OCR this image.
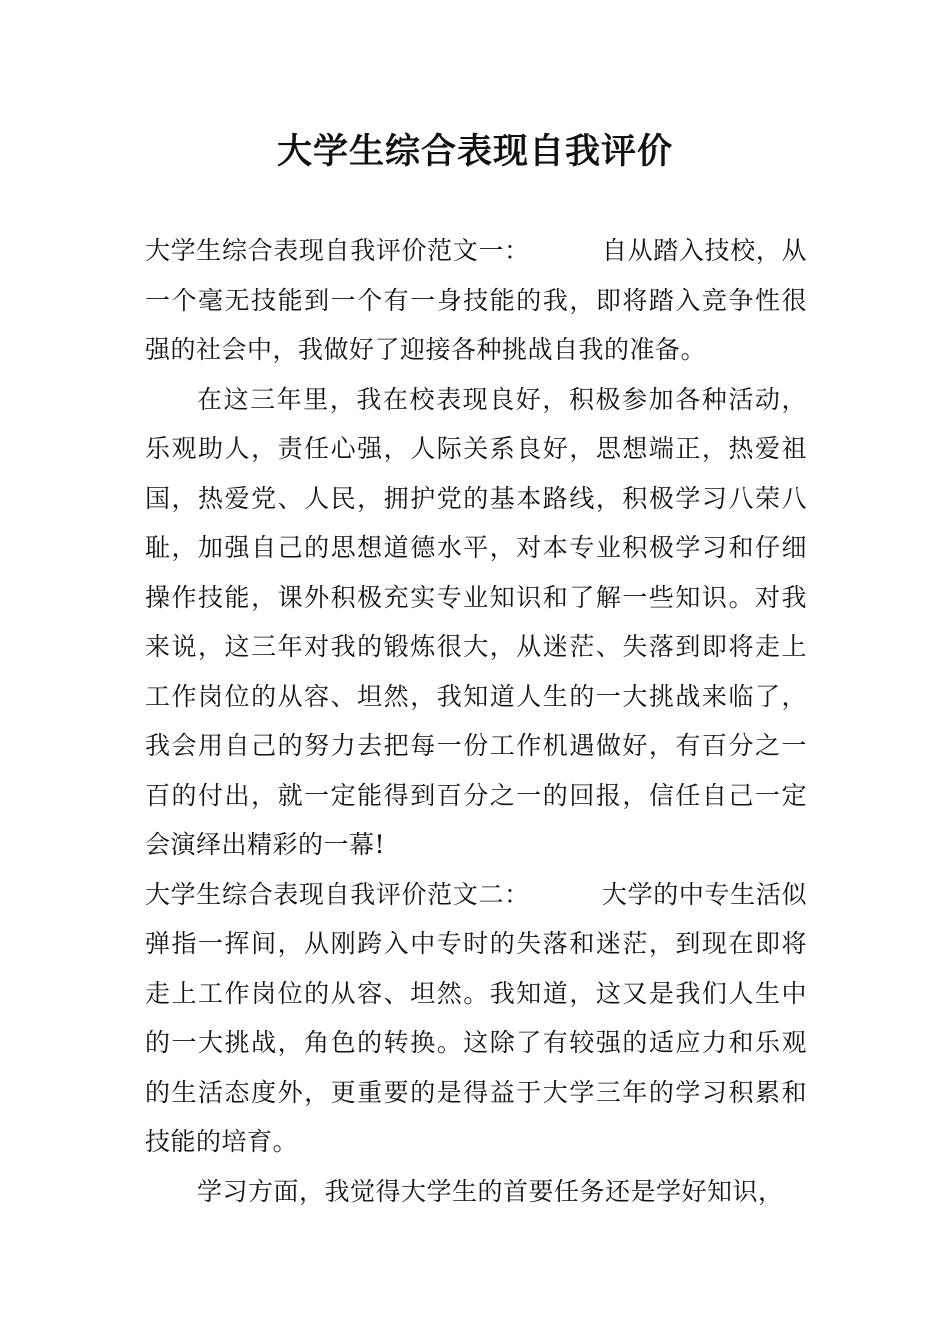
大学生综合表现自我评价

大学生综合表现自我评价范文一：	自从踏入技校，从一个毫无技能到一个有一身技能的我，即将踏入竞争性很强的社会中，我做好了迎接各种挑战自我的准备。

在这三年里，我在校表现良好，积极参加各种活动，乐观助人，责任心强，人际关系良好，思想端正，热爱祖国，热爱党、人民，拥护党的基本路线，积极学习八荣八耻，加强自己的思想道德水平，对本专业积极学习和仔细操作技能，课外积极充实专业知识和了解一些知识。对我来说，这三年对我的锻炼很大，从迷茫、失落到即将走上工作岗位的从容、坦然，我知道人生的一大挑战来临了，我会用自己的努力去把每一份工作机遇做好，有百分之一百的付出，就一定能得到百分之一的回报，信任自己一定会演绎出精彩的一幕!

大学生综合表现自我评价范文二：	大学的中专生活似弹指一挥间，从刚跨入中专时的失落和迷茫，到现在即将走上工作岗位的从容、坦然。我知道，这又是我们人生中的一大挑战，角色的转换。这除了有较强的适应力和乐观的生活态度外，更重要的是得益于大学三年的学习积累和技能的培育。

学习方面，我觉得大学生的首要任务还是学好知识，
